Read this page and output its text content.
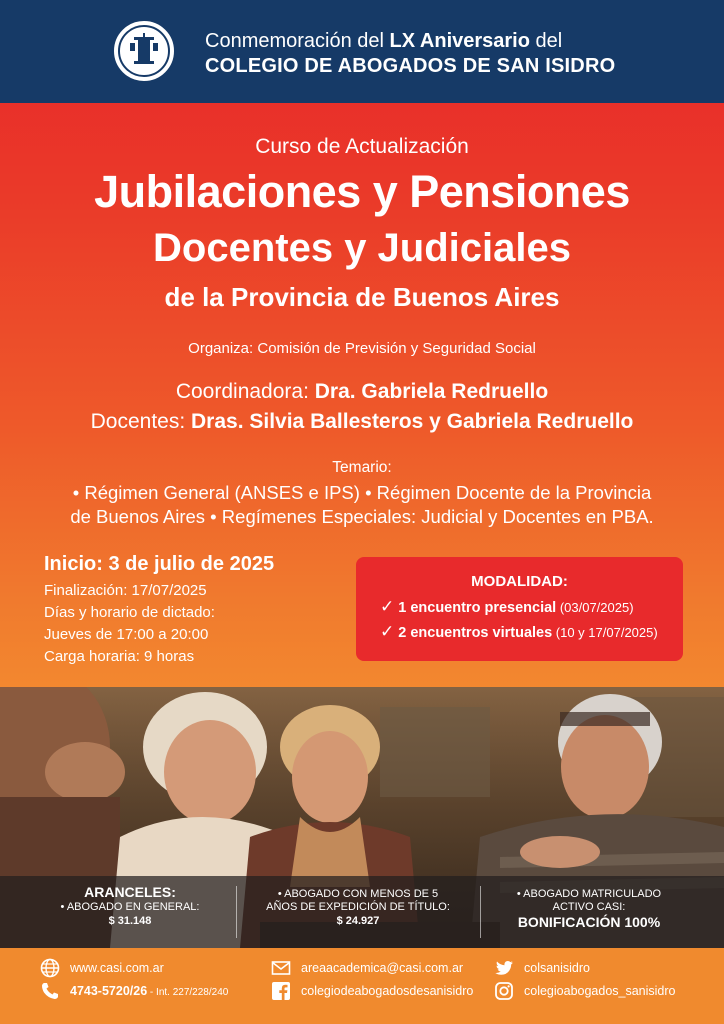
Conmemoración del LX Aniversario del
COLEGIO DE ABOGADOS DE SAN ISIDRO
Curso de Actualización
Jubilaciones y Pensiones
Docentes y Judiciales
de la Provincia de Buenos Aires
Organiza: Comisión de Previsión y Seguridad Social
Coordinadora: Dra. Gabriela Redruello
Docentes: Dras. Silvia Ballesteros y Gabriela Redruello
Temario:
• Régimen General (ANSES e IPS) • Régimen Docente de la Provincia
de Buenos Aires • Regímenes Especiales: Judicial y Docentes en PBA.
Inicio: 3 de julio de 2025
Finalización: 17/07/2025
Días y horario de dictado:
Jueves de 17:00 a 20:00
Carga horaria: 9 horas
MODALIDAD:
✓ 1 encuentro presencial (03/07/2025)
✓ 2 encuentros virtuales (10 y 17/07/2025)
ARANCELES:
• ABOGADO EN GENERAL:
$ 31.148
• ABOGADO CON MENOS DE 5
AÑOS DE EXPEDICIÓN DE TÍTULO:
$ 24.927
• ABOGADO MATRICULADO
ACTIVO CASI:
BONIFICACIÓN 100%
www.casi.com.ar
4743-5720/26 - Int. 227/228/240
areaacademica@casi.com.ar
colegiodeabogadosdesanisidro
colsanisidro
colegioabogados_sanisidro
